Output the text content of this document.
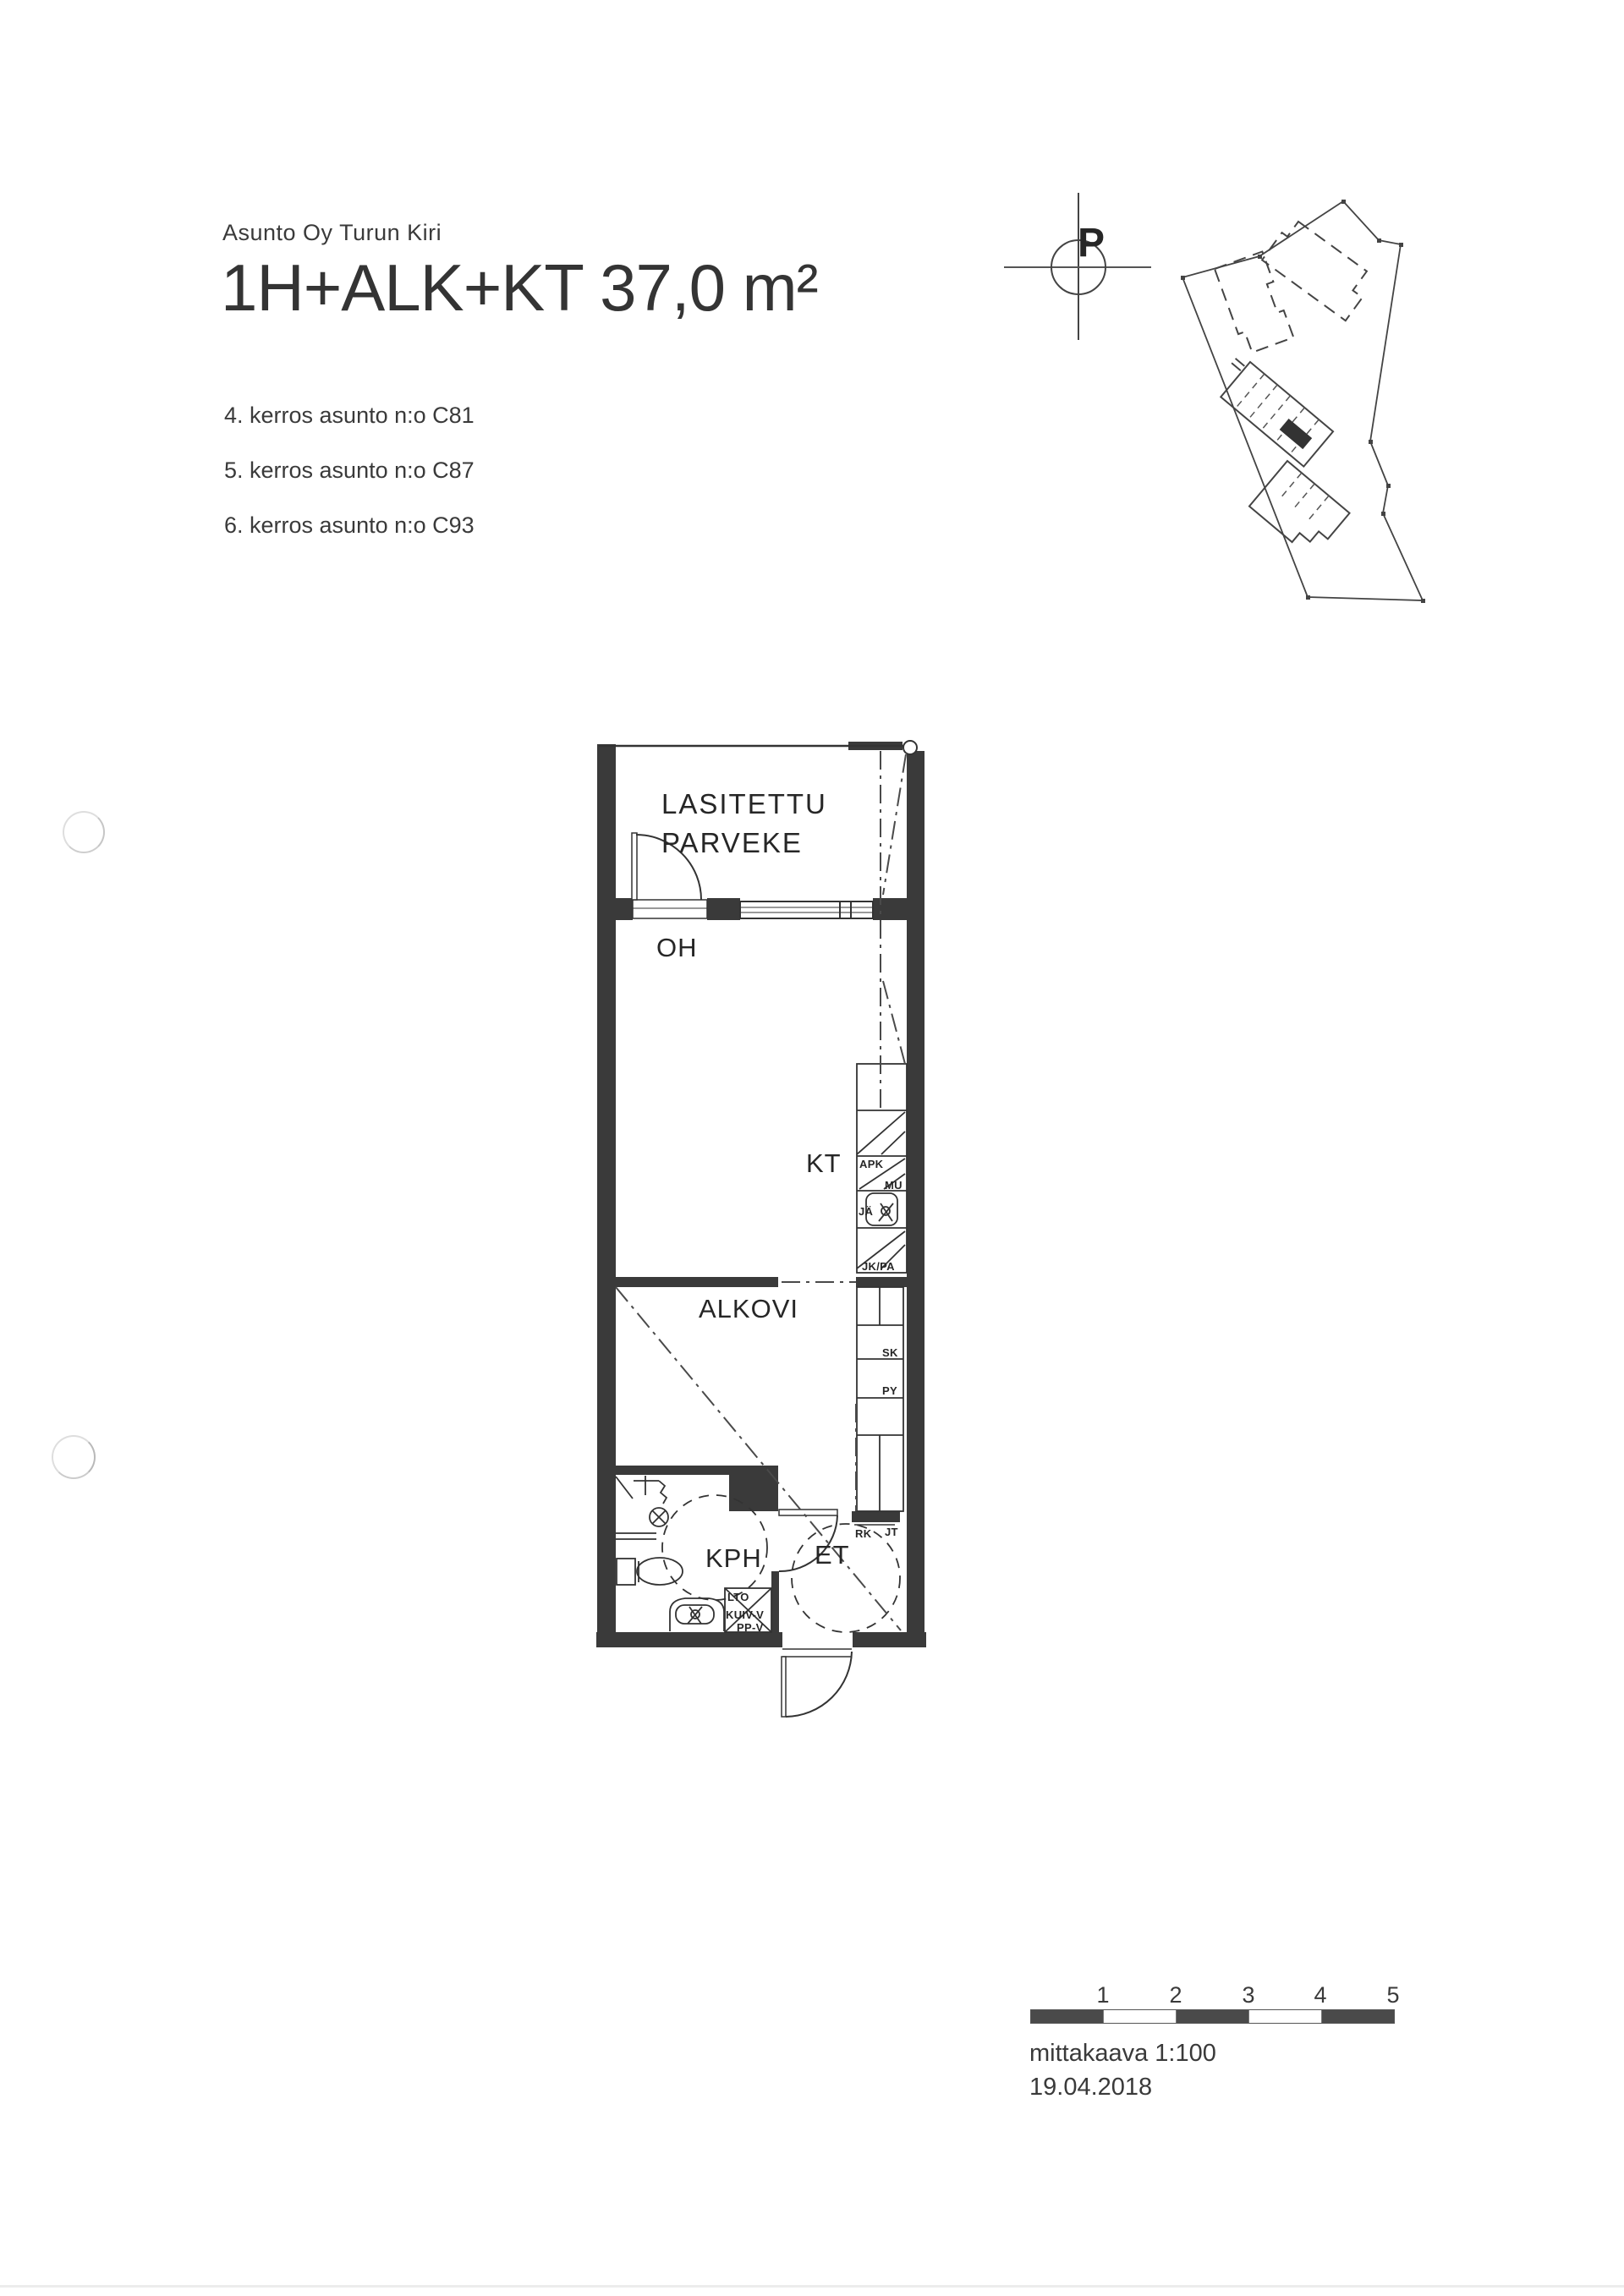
Asunto Oy Turun Kiri
1H+ALK+KT 37,0 m²
4. kerros asunto n:o C81
5. kerros asunto n:o C87
6. kerros asunto n:o C93
P
LASITETTU
PARVEKE
OH
KT
ALKOVI
KPH ET
APK
MU
JÄ
JK/PA
SK
PY
RK JT
LTO
KUIV-V
PP-V
1	2	3	4	5
mittakaava 1:100
19.04.2018
